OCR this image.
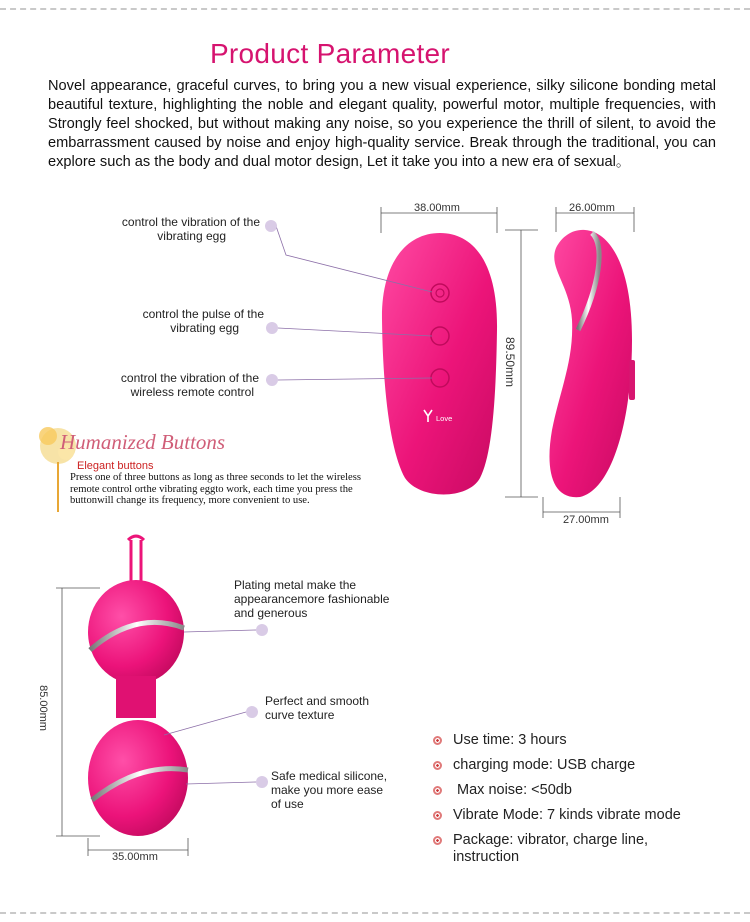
Product Parameter
Novel appearance, graceful curves, to bring you a new visual experience, silky silicone bonding metal beautiful texture, highlighting the noble and elegant quality, powerful motor, multiple frequencies, with Strongly feel shocked, but without making any noise, so you experience the thrill of silent, to avoid the embarrassment caused by noise and enjoy high-quality service. Break through the traditional, you can explore such as the body and dual motor design, Let it take you into a new era of sexual。
Love
38.00mm	26.00mm
89.50mm
27.00mm
control the vibration of the
vibrating egg
control the pulse of the
vibrating egg
control the vibration of the
wireless remote control
Humanized Buttons
Elegant buttons
Press one of three buttons as long as three seconds to let the wireless remote control orthe vibrating eggto work, each time you press the buttonwill change its frequency, more convenient to use.
85.00mm
35.00mm
Plating metal make the
appearancemore fashionable
and generous
Perfect and smooth
curve texture
Safe medical silicone,
make you more ease
of use
Use time: 3 hours
charging mode: USB charge
Max noise: <50db
Vibrate Mode: 7 kinds vibrate mode
Package: vibrator, charge line, instruction
